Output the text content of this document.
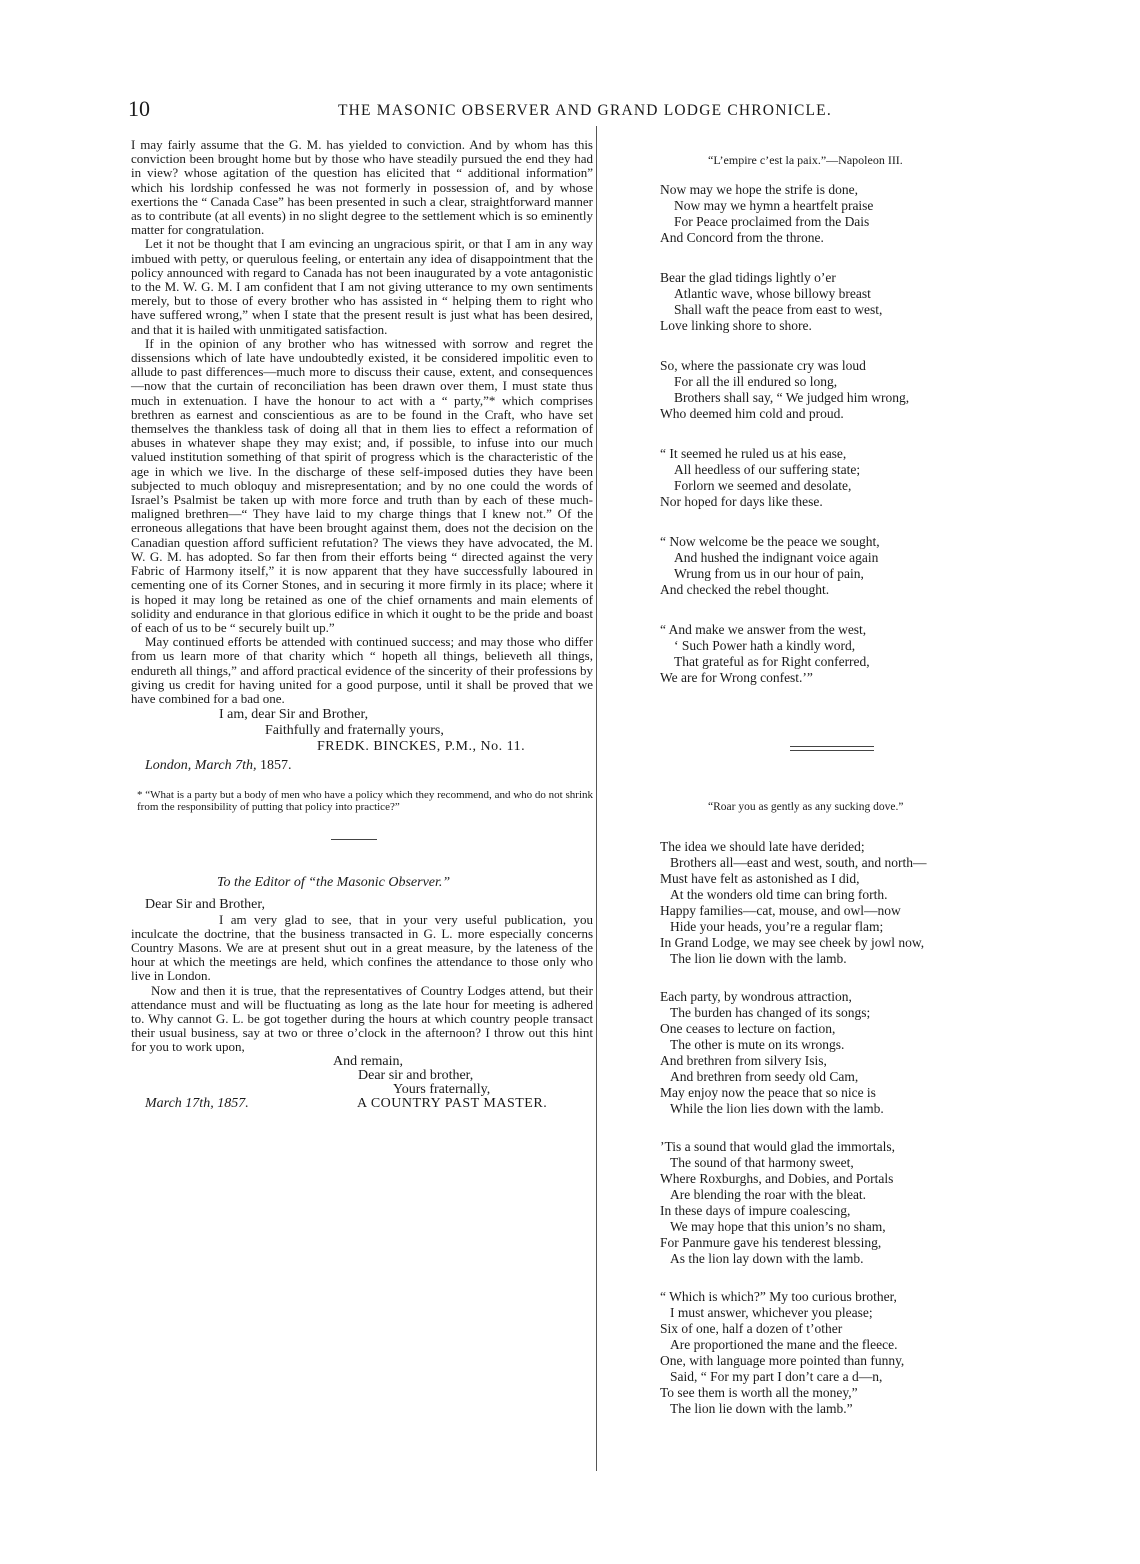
10	THE MASONIC OBSERVER AND GRAND LODGE CHRONICLE.

I may fairly assume that the G. M. has yielded to conviction. And by whom has this conviction been brought home but by those who have steadily pursued the end they had in view? whose agitation of the question has elicited that “ additional information” which his lordship confessed he was not formerly in possession of, and by whose exertions the “ Canada Case” has been presented in such a clear, straightforward manner as to contribute (at all events) in no slight degree to the settlement which is so eminently matter for congratulation.

Let it not be thought that I am evincing an ungracious spirit, or that I am in any way imbued with petty, or querulous feeling, or entertain any idea of disappointment that the policy announced with regard to Canada has not been inaugurated by a vote antagonistic to the M. W. G. M. I am confident that I am not giving utterance to my own sentiments merely, but to those of every brother who has assisted in “ helping them to right who have suffered wrong,” when I state that the present result is just what has been desired, and that it is hailed with unmitigated satisfaction.

If in the opinion of any brother who has witnessed with sorrow and regret the dissensions which of late have undoubtedly existed, it be considered impolitic even to allude to past differences—much more to discuss their cause, extent, and consequences—now that the curtain of reconciliation has been drawn over them, I must state thus much in extenuation. I have the honour to act with a “ party,”* which comprises brethren as earnest and conscientious as are to be found in the Craft, who have set themselves the thankless task of doing all that in them lies to effect a reformation of abuses in whatever shape they may exist; and, if possible, to infuse into our much valued institution something of that spirit of progress which is the characteristic of the age in which we live. In the discharge of these self-imposed duties they have been subjected to much obloquy and misrepresentation; and by no one could the words of Israel’s Psalmist be taken up with more force and truth than by each of these much-maligned brethren—“ They have laid to my charge things that I knew not.” Of the erroneous allegations that have been brought against them, does not the decision on the Canadian question afford sufficient refutation? The views they have advocated, the M. W. G. M. has adopted. So far then from their efforts being “ directed against the very Fabric of Harmony itself,” it is now apparent that they have successfully laboured in cementing one of its Corner Stones, and in securing it more firmly in its place; where it is hoped it may long be retained as one of the chief ornaments and main elements of solidity and endurance in that glorious edifice in which it ought to be the pride and boast of each of us to be “ securely built up.”

May continued efforts be attended with continued success; and may those who differ from us learn more of that charity which “ hopeth all things, believeth all things, endureth all things,” and afford practical evidence of the sincerity of their professions by giving us credit for having united for a good purpose, until it shall be proved that we have combined for a bad one.

I am, dear Sir and Brother,
Faithfully and fraternally yours,
FREDK. BINCKES, P.M., No. 11.
London, March 7th, 1857.
* “What is a party but a body of men who have a policy which they recommend, and who do not shrink from the responsibility of putting that policy into practice?”
To the Editor of “the Masonic Observer.”
Dear Sir and Brother,

I am very glad to see, that in your very useful publication, you inculcate the doctrine, that the business transacted in G. L. more especially concerns Country Masons. We are at present shut out in a great measure, by the lateness of the hour at which the meetings are held, which confines the attendance to those only who live in London.

Now and then it is true, that the representatives of Country Lodges attend, but their attendance must and will be fluctuating as long as the late hour for meeting is adhered to. Why cannot G. L. be got together during the hours at which country people transact their usual business, say at two or three o’clock in the afternoon? I throw out this hint for you to work upon,

And remain,
Dear sir and brother,
Yours fraternally,
March 17th, 1857.	A COUNTRY PAST MASTER.
“L’empire c’est la paix.”—Napoleon III.
Now may we hope the strife is done,
Now may we hymn a heartfelt praise
For Peace proclaimed from the Dais
And Concord from the throne.
Bear the glad tidings lightly o’er
Atlantic wave, whose billowy breast
Shall waft the peace from east to west,
Love linking shore to shore.
So, where the passionate cry was loud
For all the ill endured so long,
Brothers shall say, “ We judged him wrong,
Who deemed him cold and proud.
“ It seemed he ruled us at his ease,
All heedless of our suffering state;
Forlorn we seemed and desolate,
Nor hoped for days like these.
“ Now welcome be the peace we sought,
And hushed the indignant voice again
Wrung from us in our hour of pain,
And checked the rebel thought.
“ And make we answer from the west,
‘ Such Power hath a kindly word,
That grateful as for Right conferred,
We are for Wrong confest.’”
“Roar you as gently as any sucking dove.”
The idea we should late have derided;
Brothers all—east and west, south, and north—
Must have felt as astonished as I did,
At the wonders old time can bring forth.
Happy families—cat, mouse, and owl—now
Hide your heads, you’re a regular flam;
In Grand Lodge, we may see cheek by jowl now,
The lion lie down with the lamb.
Each party, by wondrous attraction,
The burden has changed of its songs;
One ceases to lecture on faction,
The other is mute on its wrongs.
And brethren from silvery Isis,
And brethren from seedy old Cam,
May enjoy now the peace that so nice is
While the lion lies down with the lamb.
’Tis a sound that would glad the immortals,
The sound of that harmony sweet,
Where Roxburghs, and Dobies, and Portals
Are blending the roar with the bleat.
In these days of impure coalescing,
We may hope that this union’s no sham,
For Panmure gave his tenderest blessing,
As the lion lay down with the lamb.
“ Which is which?” My too curious brother,
I must answer, whichever you please;
Six of one, half a dozen of t’other
Are proportioned the mane and the fleece.
One, with language more pointed than funny,
Said, “ For my part I don’t care a d—n,
To see them is worth all the money,”
The lion lie down with the lamb.”
